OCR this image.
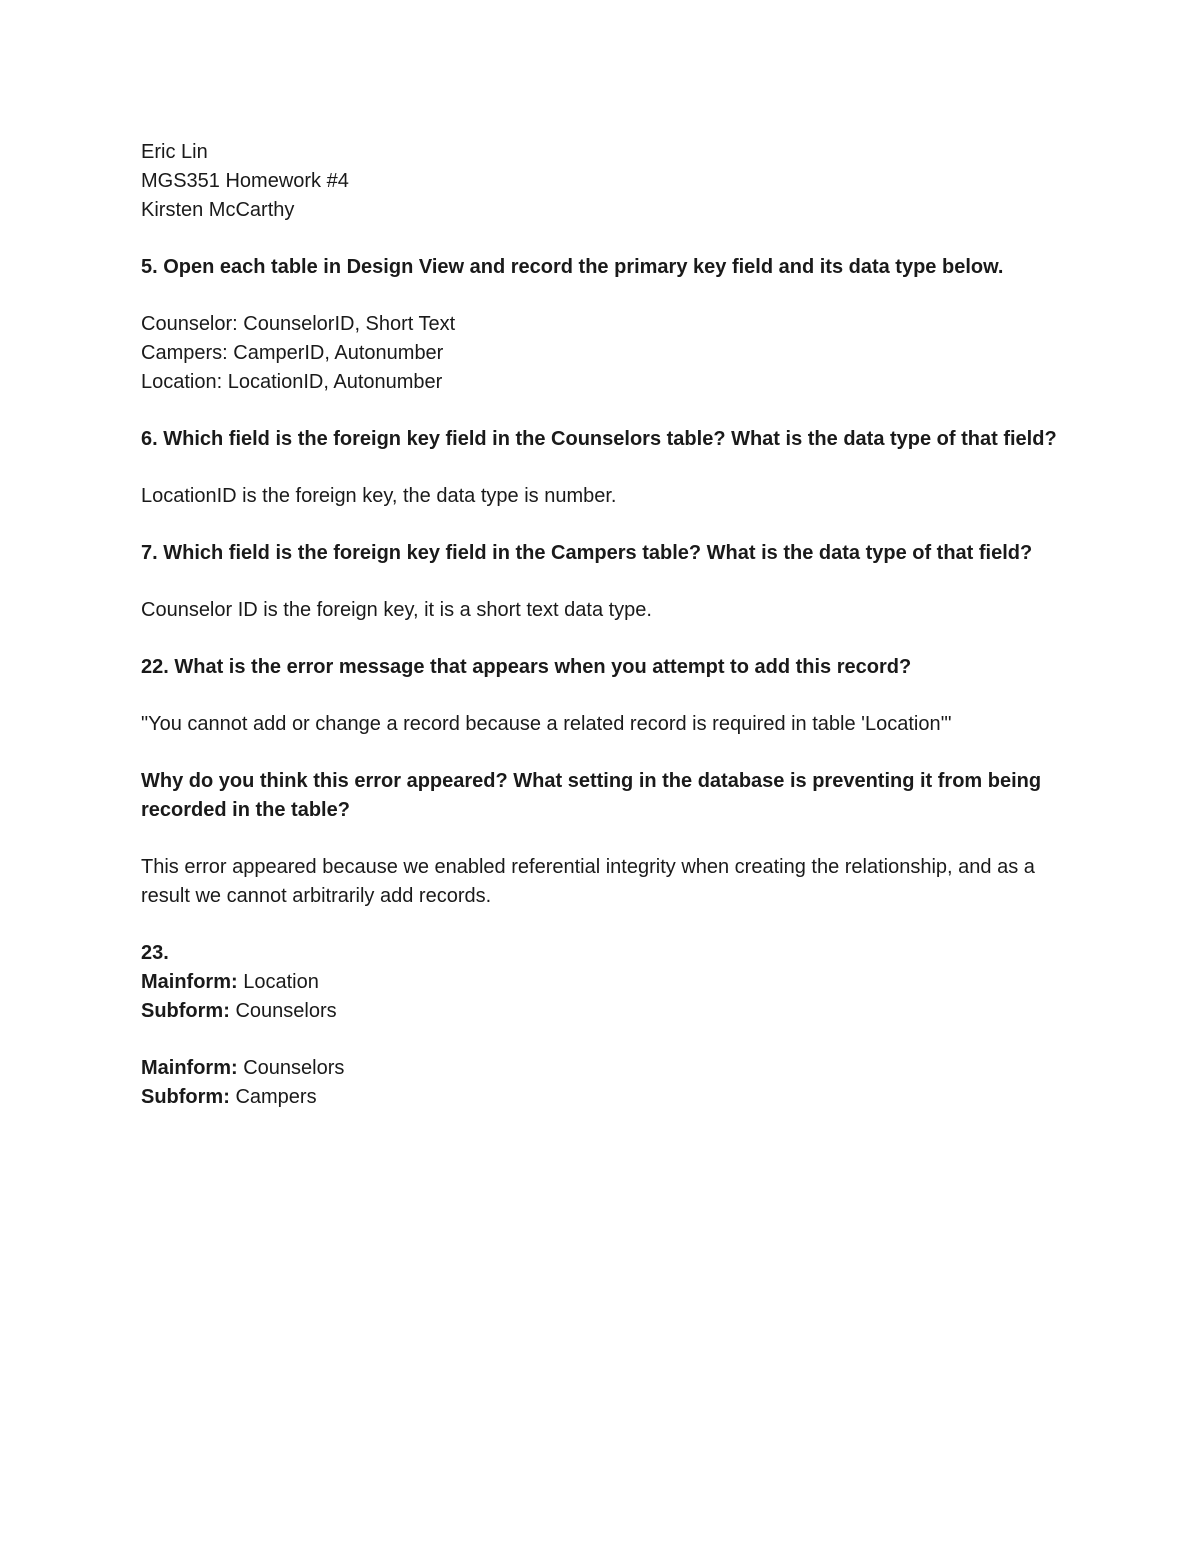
Eric Lin
MGS351 Homework #4
Kirsten McCarthy
5. Open each table in Design View and record the primary key field and its data type below.
Counselor: CounselorID, Short Text
Campers: CamperID, Autonumber
Location: LocationID, Autonumber
6. Which field is the foreign key field in the Counselors table? What is the data type of that field?
LocationID is the foreign key, the data type is number.
7. Which field is the foreign key field in the Campers table? What is the data type of that field?
Counselor ID is the foreign key, it is a short text data type.
22. What is the error message that appears when you attempt to add this record?
"You cannot add or change a record because a related record is required in table 'Location'"
Why do you think this error appeared? What setting in the database is preventing it from being recorded in the table?
This error appeared because we enabled referential integrity when creating the relationship, and as a result we cannot arbitrarily add records.
23.
Mainform: Location
Subform: Counselors
Mainform: Counselors
Subform: Campers
